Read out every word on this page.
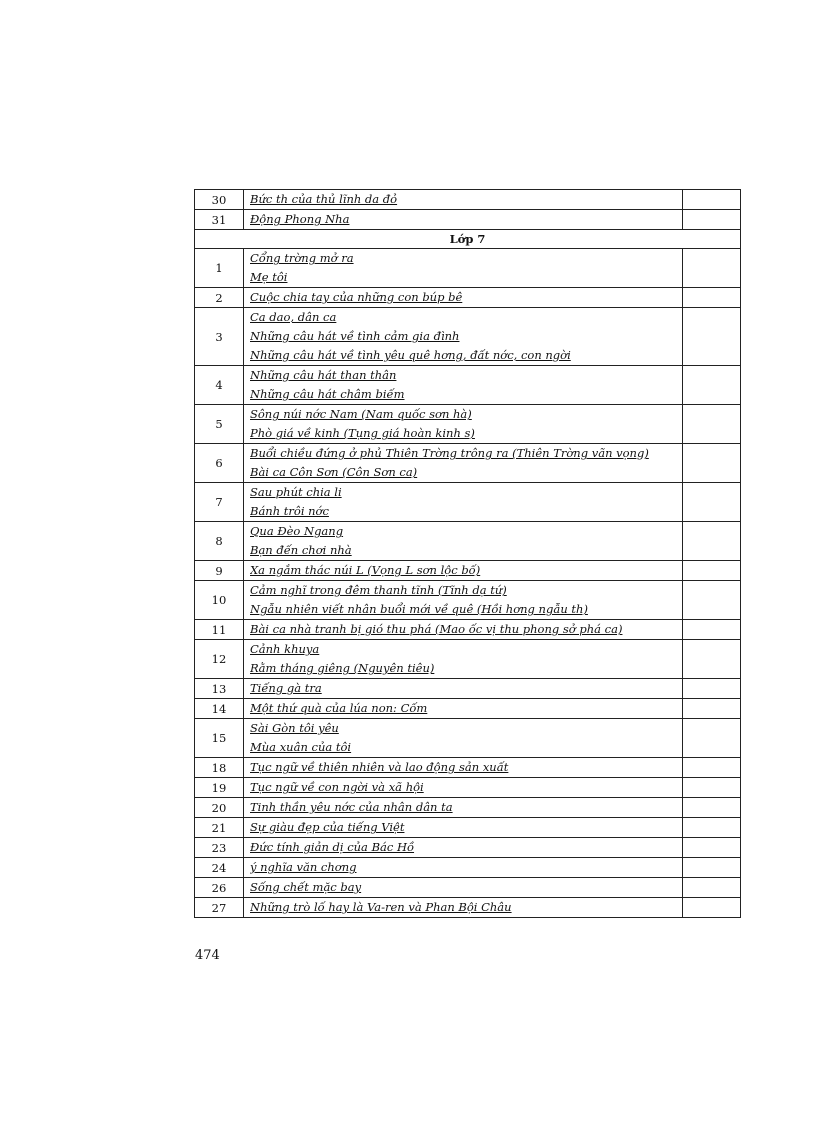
30	Bức th của thủ lĩnh da đỏ	

31	Động Phong Nha	

Lớp 7		
1	Cổng trờng mở ra
Mẹ tôi	

2	Cuộc chia tay của những con búp bê	

3	Ca dao, dân ca
Những câu hát về tình cảm gia đình
Những câu hát về tình yêu quê hơng, đất nớc, con ngời	

4	Những câu hát than thân
Những câu hát châm biếm	

5	Sông núi nớc Nam (Nam quốc sơn hà)
Phò giá về kinh (Tụng giá hoàn kinh s)	

6	Buổi chiều đứng ở phủ Thiên Trờng trông ra (Thiên Trờng vãn vọng)
Bài ca Côn Sơn (Côn Sơn ca)	

7	Sau phút chia li
Bánh trôi nớc	

8	Qua Đèo Ngang
Bạn đến chơi nhà	

9	Xa ngắm thác núi L (Vọng L sơn lộc bố)	

10	Cảm nghĩ trong đêm thanh tĩnh (Tĩnh dạ tứ)
Ngẫu nhiên viết nhân buổi mới về quê (Hồi hơng ngẫu th)	

11	Bài ca nhà tranh bị gió thu phá (Mao ốc vị thu phong sở phá ca)	

12	Cảnh khuya
Rằm tháng giêng (Nguyên tiêu)	

13	Tiếng gà tra	

14	Một thứ quà của lúa non: Cốm	

15	Sài Gòn tôi yêu
Mùa xuân của tôi	

18	Tục ngữ về thiên nhiên và lao động sản xuất	

19	Tục ngữ về con ngời và xã hội	

20	Tinh thần yêu nớc của nhân dân ta	

21	Sự giàu đẹp của tiếng Việt	

23	Đức tính giản dị của Bác Hồ	

24	ý nghĩa văn chơng	

26	Sống chết mặc bay	

27	Những trò lố hay là Va-ren và Phan Bội Châu	

474
